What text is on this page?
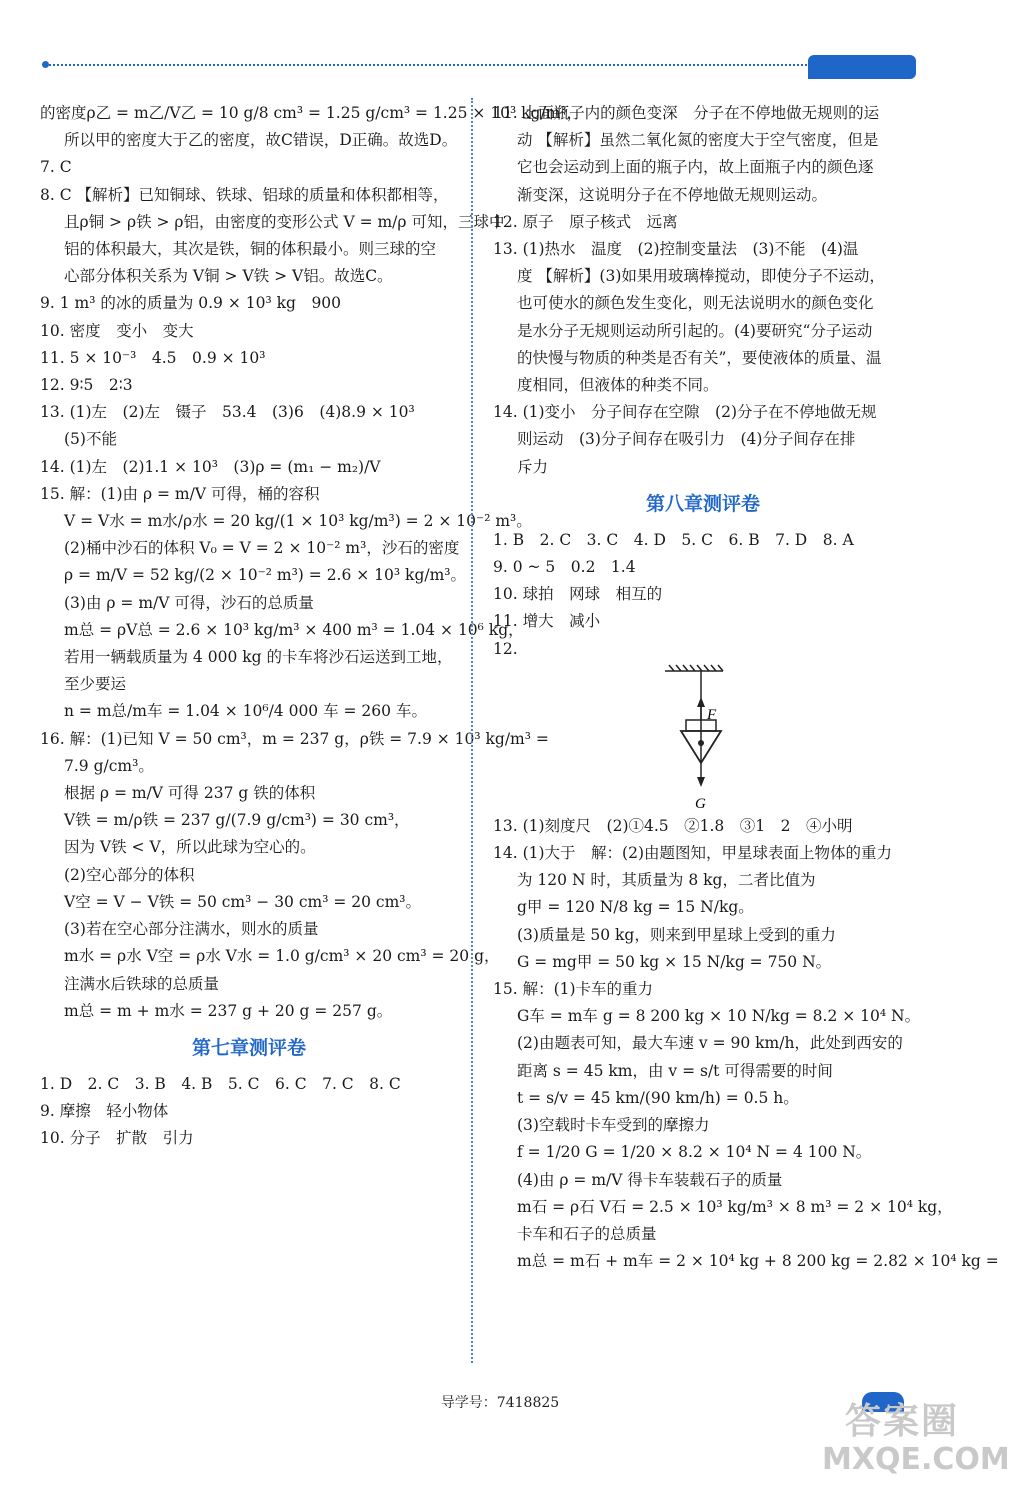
的密度ρ乙 = m乙/V乙 = 10 g/8 cm³ = 1.25 g/cm³ = 1.25 × 10³ kg/m³，
所以甲的密度大于乙的密度，故C错误，D正确。故选D。
7. C
8. C 【解析】已知铜球、铁球、铝球的质量和体积都相等，
且ρ铜 > ρ铁 > ρ铝，由密度的变形公式 V = m/ρ 可知，三球中
铝的体积最大，其次是铁，铜的体积最小。则三球的空
心部分体积关系为 V铜 > V铁 > V铝。故选C。
9. 1 m³ 的冰的质量为 0.9 × 10³ kg　900
10. 密度　变小　变大
11. 5 × 10⁻³　4.5　0.9 × 10³
12. 9∶5　2∶3
13. (1)左　(2)左　镊子　53.4　(3)6　(4)8.9 × 10³
(5)不能
14. (1)左　(2)1.1 × 10³　(3)ρ = (m₁ − m₂)/V
15. 解：(1)由 ρ = m/V 可得，桶的容积
V = V水 = m水/ρ水 = 20 kg/(1 × 10³ kg/m³) = 2 × 10⁻² m³。
(2)桶中沙石的体积 V₀ = V = 2 × 10⁻² m³，沙石的密度
ρ = m/V = 52 kg/(2 × 10⁻² m³) = 2.6 × 10³ kg/m³。
(3)由 ρ = m/V 可得，沙石的总质量
m总 = ρV总 = 2.6 × 10³ kg/m³ × 400 m³ = 1.04 × 10⁶ kg，
若用一辆载质量为 4 000 kg 的卡车将沙石运送到工地，
至少要运
n = m总/m车 = 1.04 × 10⁶/4 000 车 = 260 车。
16. 解：(1)已知 V = 50 cm³，m = 237 g，ρ铁 = 7.9 × 10³ kg/m³ =
7.9 g/cm³。
根据 ρ = m/V 可得 237 g 铁的体积
V铁 = m/ρ铁 = 237 g/(7.9 g/cm³) = 30 cm³，
因为 V铁 < V，所以此球为空心的。
(2)空心部分的体积
V空 = V − V铁 = 50 cm³ − 30 cm³ = 20 cm³。
(3)若在空心部分注满水，则水的质量
m水 = ρ水 V空 = ρ水 V水 = 1.0 g/cm³ × 20 cm³ = 20 g，
注满水后铁球的总质量
m总 = m + m水 = 237 g + 20 g = 257 g。
第七章测评卷
1. D　2. C　3. B　4. B　5. C　6. C　7. C　8. C
9. 摩擦　轻小物体
10. 分子　扩散　引力
11. 上面瓶子内的颜色变深　分子在不停地做无规则的运
动 【解析】虽然二氧化氮的密度大于空气密度，但是
它也会运动到上面的瓶子内，故上面瓶子内的颜色逐
渐变深，这说明分子在不停地做无规则运动。
12. 原子　原子核式　远离
13. (1)热水　温度　(2)控制变量法　(3)不能　(4)温
度 【解析】(3)如果用玻璃棒搅动，即使分子不运动，
也可使水的颜色发生变化，则无法说明水的颜色变化
是水分子无规则运动所引起的。(4)要研究“分子运动
的快慢与物质的种类是否有关”，要使液体的质量、温
度相同，但液体的种类不同。
14. (1)变小　分子间存在空隙　(2)分子在不停地做无规
则运动　(3)分子间存在吸引力　(4)分子间存在排
斥力
第八章测评卷
1. B　2. C　3. C　4. D　5. C　6. B　7. D　8. A
9. 0 ~ 5　0.2　1.4
10. 球拍　网球　相互的
11. 增大　减小
12.
F
G
13. (1)刻度尺　(2)①4.5　②1.8　③1　2　④小明
14. (1)大于　解：(2)由题图知，甲星球表面上物体的重力
为 120 N 时，其质量为 8 kg，二者比值为
g甲 = 120 N/8 kg = 15 N/kg。
(3)质量是 50 kg，则来到甲星球上受到的重力
G = mg甲 = 50 kg × 15 N/kg = 750 N。
15. 解：(1)卡车的重力
G车 = m车 g = 8 200 kg × 10 N/kg = 8.2 × 10⁴ N。
(2)由题表可知，最大车速 v = 90 km/h，此处到西安的
距离 s = 45 km，由 v = s/t 可得需要的时间
t = s/v = 45 km/(90 km/h) = 0.5 h。
(3)空载时卡车受到的摩擦力
f = 1/20 G = 1/20 × 8.2 × 10⁴ N = 4 100 N。
(4)由 ρ = m/V 得卡车装载石子的质量
m石 = ρ石 V石 = 2.5 × 10³ kg/m³ × 8 m³ = 2 × 10⁴ kg，
卡车和石子的总质量
m总 = m石 + m车 = 2 × 10⁴ kg + 8 200 kg = 2.82 × 10⁴ kg =
导学号：7418825	答案圈
MXQE.COM
